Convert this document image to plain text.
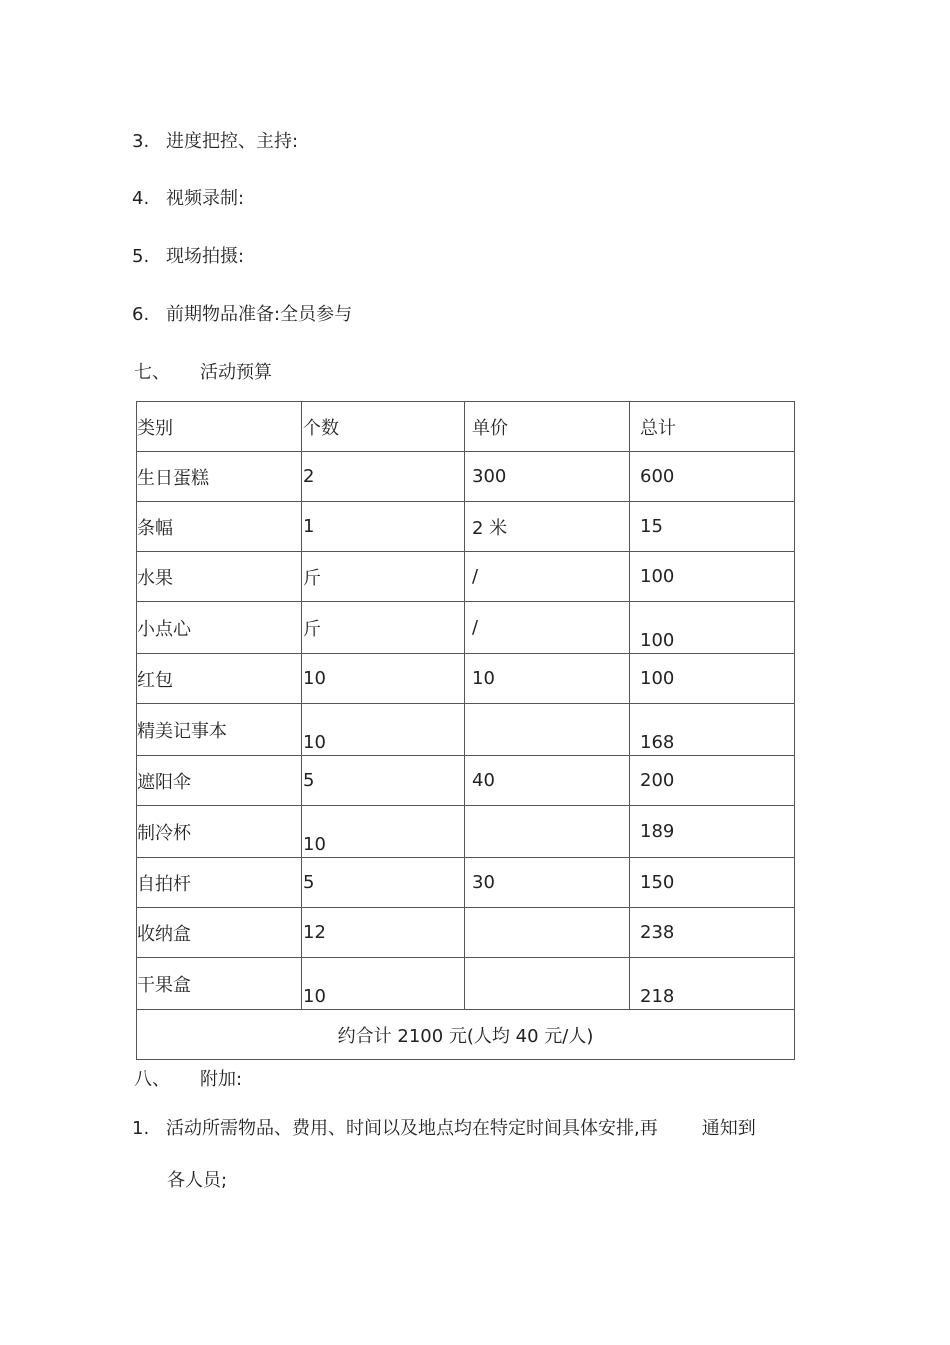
3. 进度把控、主持:
4. 视频录制:
5. 现场拍摄:
6. 前期物品准备:全员参与
七、 活动预算
类别	个数	单价	总计
生日蛋糕	2	300	600
条幅	1	2 米	15
水果	斤	/	100
小点心	斤	/	100
红包	10	10	100
精美记事本	10		168
遮阳伞	5	40	200
制冷杯	10		189
自拍杆	5	30	150
收纳盒	12		238
干果盒	10		218
约合计 2100 元(人均 40 元/人)			
八、 附加:
1. 活动所需物品、费用、时间以及地点均在特定时间具体安排,再 通知到
各人员;
